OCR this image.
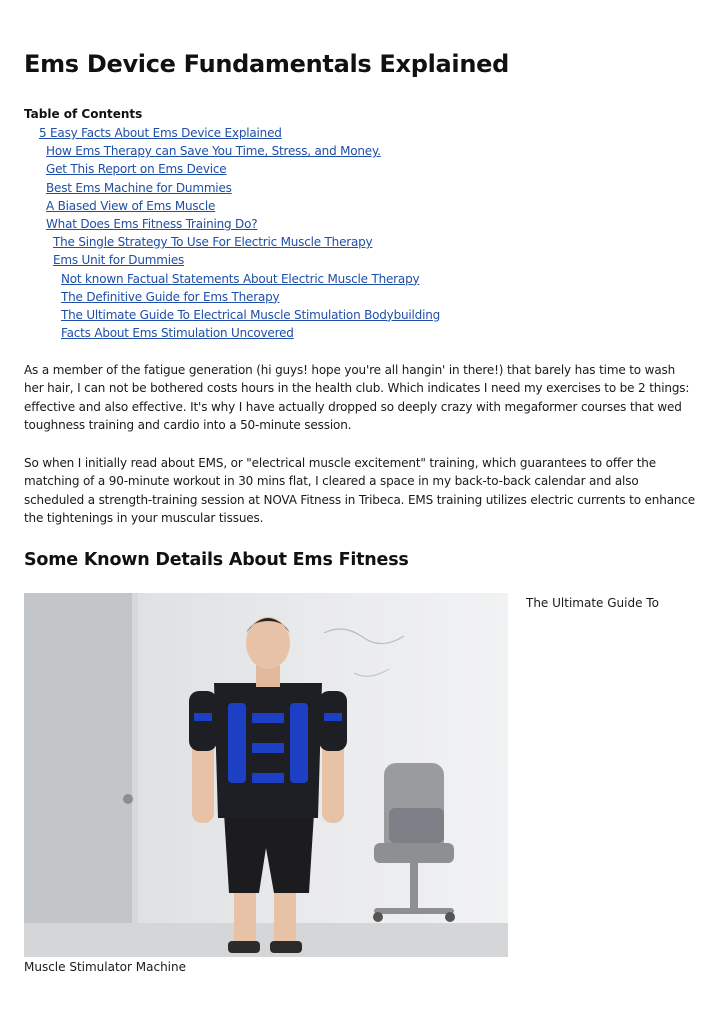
Ems Device Fundamentals Explained
Table of Contents
5 Easy Facts About Ems Device Explained
How Ems Therapy can Save You Time, Stress, and Money.
Get This Report on Ems Device
Best Ems Machine for Dummies
A Biased View of Ems Muscle
What Does Ems Fitness Training Do?
The Single Strategy To Use For Electric Muscle Therapy
Ems Unit for Dummies
Not known Factual Statements About Electric Muscle Therapy
The Definitive Guide for Ems Therapy
The Ultimate Guide To Electrical Muscle Stimulation Bodybuilding
Facts About Ems Stimulation Uncovered

As a member of the fatigue generation (hi guys! hope you're all hangin' in there!) that barely has time to wash her hair, I can not be bothered costs hours in the health club. Which indicates I need my exercises to be 2 things: effective and also effective. It's why I have actually dropped so deeply crazy with megaformer courses that wed toughness training and cardio into a 50-minute session.

So when I initially read about EMS, or "electrical muscle excitement" training, which guarantees to offer the matching of a 90-minute workout in 30 mins flat, I cleared a space in my back-to-back calendar and also scheduled a strength-training session at NOVA Fitness in Tribeca. EMS training utilizes electric currents to enhance the tightenings in your muscular tissues.

Some Known Details About Ems Fitness
The Ultimate Guide To
Muscle Stimulator Machine
